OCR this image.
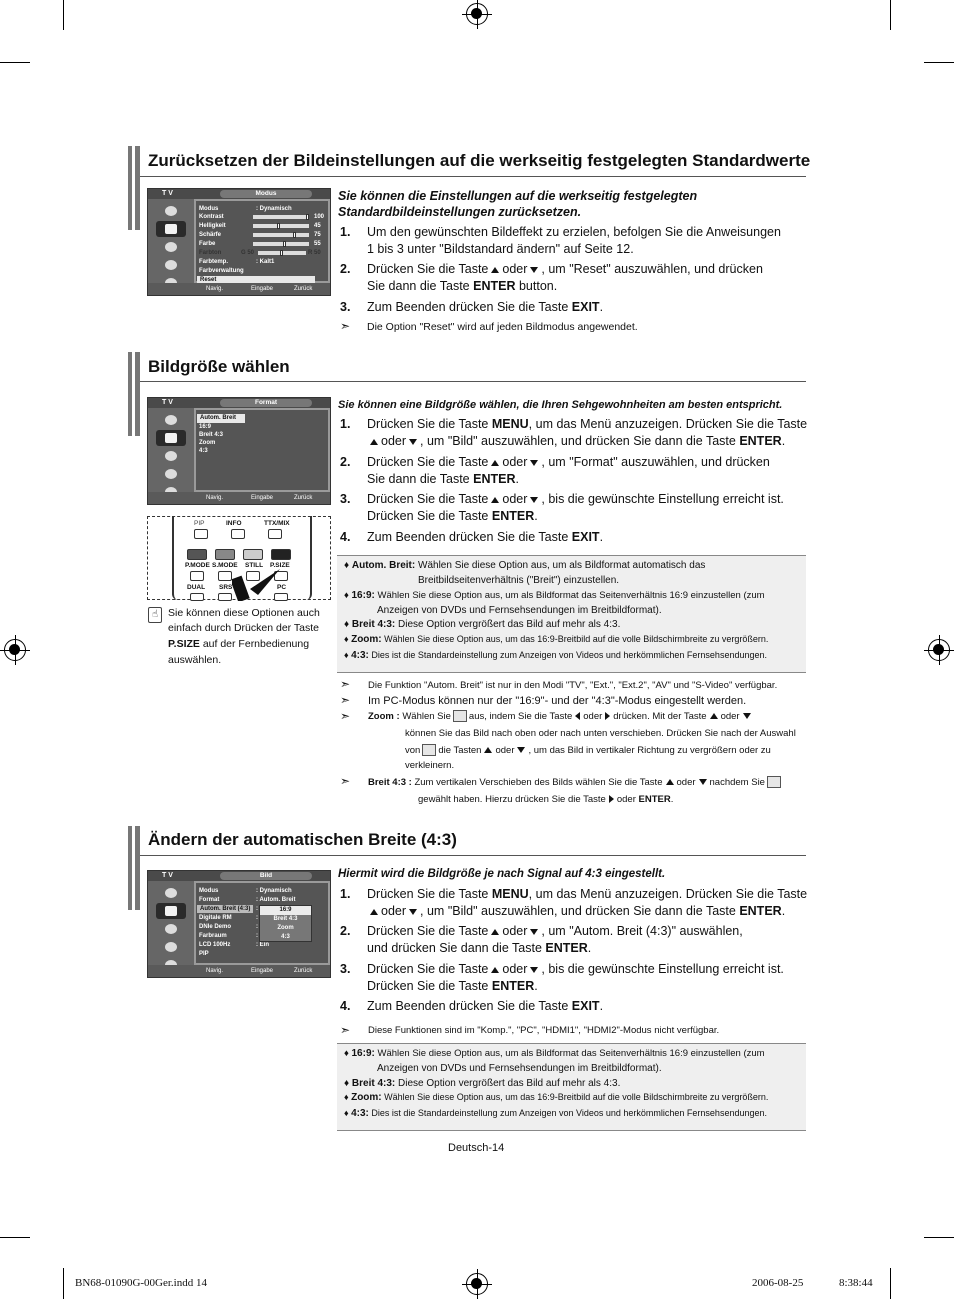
Zurücksetzen der Bildeinstellungen auf die werkseitig festgelegten Standardwerte
T V	Modus
Modus	: Dynamisch
Kontrast	100
Helligkeit	45
Schärfe	75
Farbe	55
Farbton	G 50	R 50
Farbtemp.	: Kalt1
Farbverwaltung
Reset
Navig.	Eingabe	Zurück
Sie können die Einstellungen auf die werkseitig festgelegten
Standardbildeinstellungen zurücksetzen.
1. Um den gewünschten Bildeffekt zu erzielen, befolgen Sie die Anweisungen
1 bis 3 unter "Bildstandard ändern" auf Seite 12.
2. Drücken Sie die Taste oder , um "Reset" auszuwählen, und drücken
Sie dann die Taste ENTER button.
3. Zum Beenden drücken Sie die Taste EXIT.
➣ Die Option "Reset" wird auf jeden Bildmodus angewendet.
Bildgröße wählen
T V	Format
Autom. Breit
16:9
Breit 4:3
Zoom
4:3
Navig.	Eingabe	Zurück
PIP	INFO	TTX/MIX
P.MODE S.MODE STILL P.SIZE
DUAL SRS	PC
☝ Sie können diese Optionen auch
einfach durch Drücken der Taste
P.SIZE auf der Fernbedienung
auswählen.
Sie können eine Bildgröße wählen, die Ihren Sehgewohnheiten am besten entspricht.
1. Drücken Sie die Taste MENU, um das Menü anzuzeigen. Drücken Sie die Taste
oder , um "Bild" auszuwählen, und drücken Sie dann die Taste ENTER.
2. Drücken Sie die Taste oder , um "Format" auszuwählen, und drücken
Sie dann die Taste ENTER.
3. Drücken Sie die Taste oder , bis die gewünschte Einstellung erreicht ist.
Drücken Sie die Taste ENTER.
4. Zum Beenden drücken Sie die Taste EXIT.
♦ Autom. Breit: Wählen Sie diese Option aus, um als Bildformat automatisch das
Breitbildseitenverhältnis ("Breit") einzustellen.
♦ 16:9: Wählen Sie diese Option aus, um als Bildformat das Seitenverhältnis 16:9 einzustellen (zum
Anzeigen von DVDs und Fernsehsendungen im Breitbildformat).
♦ Breit 4:3: Diese Option vergrößert das Bild auf mehr als 4:3.
♦ Zoom: Wählen Sie diese Option aus, um das 16:9-Breitbild auf die volle Bildschirmbreite zu vergrößern.
♦ 4:3: Dies ist die Standardeinstellung zum Anzeigen von Videos und herkömmlichen Fernsehsendungen.
➣ Die Funktion "Autom. Breit" ist nur in den Modi "TV", "Ext.", "Ext.2", "AV" und "S-Video" verfügbar.
➣ Im PC-Modus können nur der "16:9"- und der "4:3"-Modus eingestellt werden.
➣ Zoom : Wählen Sie aus, indem Sie die Taste oder drücken. Mit der Taste oder
können Sie das Bild nach oben oder nach unten verschieben. Drücken Sie nach der Auswahl
von die Tasten oder , um das Bild in vertikaler Richtung zu vergrößern oder zu
verkleinern.
➣ Breit 4:3 : Zum vertikalen Verschieben des Bilds wählen Sie die Taste oder nachdem Sie
gewählt haben. Hierzu drücken Sie die Taste oder ENTER.
Ändern der automatischen Breite (4:3)
T V	Bild
Modus	: Dynamisch
Format	: Autom. Breit
Autom. Breit (4:3) :
Digitale RM	:
DNIe Demo	:
Farbraum	:
LCD 100Hz	: Ein
PIP
16:9
Breit 4:3
Zoom
4:3
Navig.	Eingabe	Zurück
Hiermit wird die Bildgröße je nach Signal auf 4:3 eingestellt.
1. Drücken Sie die Taste MENU, um das Menü anzuzeigen. Drücken Sie die Taste
oder , um "Bild" auszuwählen, und drücken Sie dann die Taste ENTER.
2. Drücken Sie die Taste oder , um "Autom. Breit (4:3)" auswählen,
und drücken Sie dann die Taste ENTER.
3. Drücken Sie die Taste oder , bis die gewünschte Einstellung erreicht ist.
Drücken Sie die Taste ENTER.
4. Zum Beenden drücken Sie die Taste EXIT.
➣ Diese Funktionen sind im "Komp.", "PC", "HDMI1", "HDMI2"-Modus nicht verfügbar.
♦ 16:9: Wählen Sie diese Option aus, um als Bildformat das Seitenverhältnis 16:9 einzustellen (zum
Anzeigen von DVDs und Fernsehsendungen im Breitbildformat).
♦ Breit 4:3: Diese Option vergrößert das Bild auf mehr als 4:3.
♦ Zoom: Wählen Sie diese Option aus, um das 16:9-Breitbild auf die volle Bildschirmbreite zu vergrößern.
♦ 4:3: Dies ist die Standardeinstellung zum Anzeigen von Videos und herkömmlichen Fernsehsendungen.
Deutsch-14
BN68-01090G-00Ger.indd 14	2006-08-25	8:38:44
